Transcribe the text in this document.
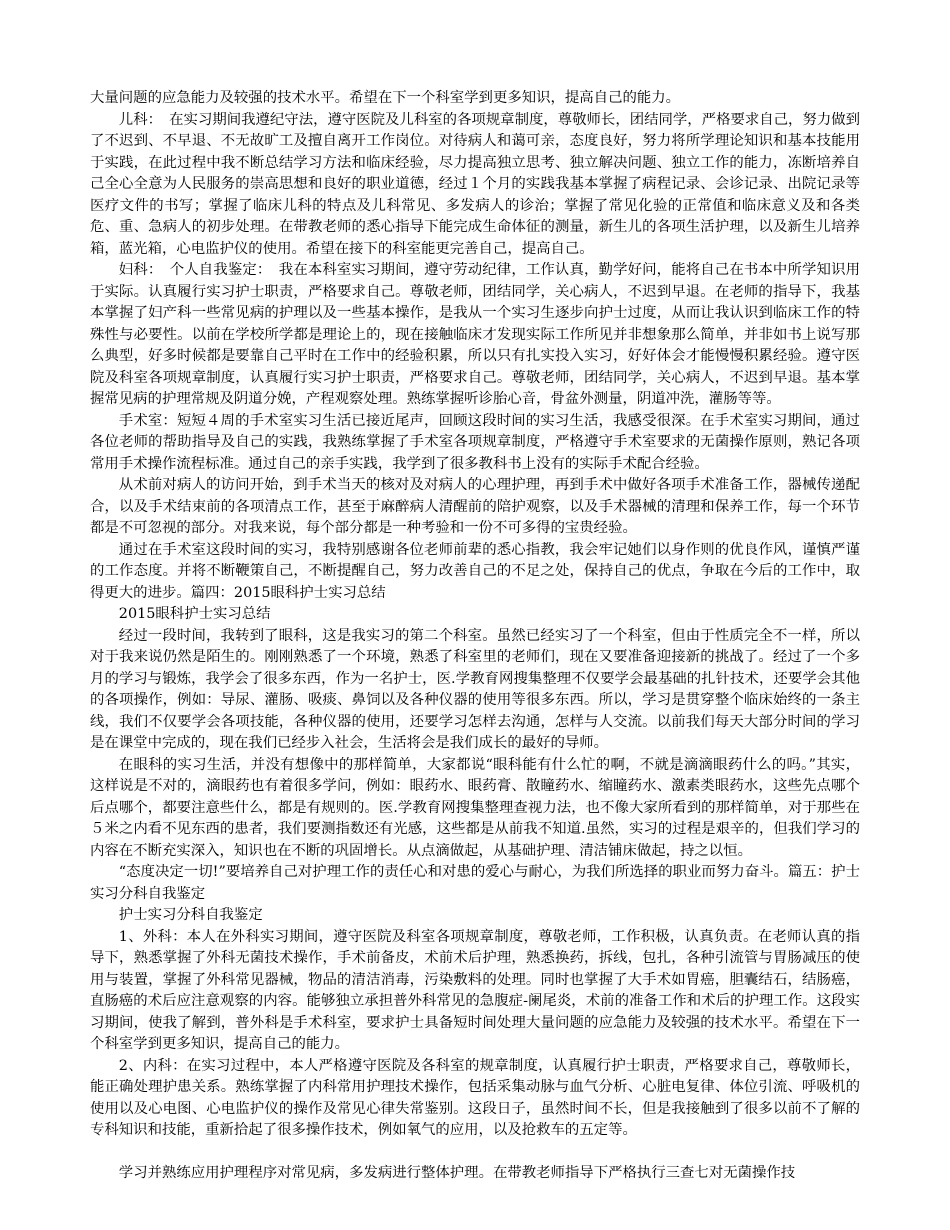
大量问题的应急能力及较强的技术水平。希望在下一个科室学到更多知识，提高自己的能力。

儿科：　在实习期间我遵纪守法，遵守医院及儿科室的各项规章制度，尊敬师长，团结同学，严格要求自己，努力做到了不迟到、不早退、不无故旷工及擅自离开工作岗位。对待病人和蔼可亲，态度良好，努力将所学理论知识和基本技能用于实践，在此过程中我不断总结学习方法和临床经验，尽力提高独立思考、独立解决问题、独立工作的能力，冻断培养自己全心全意为人民服务的崇高思想和良好的职业道德，经过１个月的实践我基本掌握了病程记录、会诊记录、出院记录等医疗文件的书写；掌握了临床儿科的特点及儿科常见、多发病人的诊治；掌握了常见化验的正常值和临床意义及和各类危、重、急病人的初步处理。在带教老师的悉心指导下能完成生命体征的测量，新生儿的各项生活护理，以及新生儿培养箱，蓝光箱，心电监护仪的使用。希望在接下的科室能更完善自己，提高自己。

妇科：　个人自我鉴定：　我在本科室实习期间，遵守劳动纪律，工作认真，勤学好问，能将自己在书本中所学知识用于实际。认真履行实习护士职责，严格要求自己。尊敬老师，团结同学，关心病人，不迟到早退。在老师的指导下，我基本掌握了妇产科一些常见病的护理以及一些基本操作，是我从一个实习生逐步向护士过度，从而让我认识到临床工作的特殊性与必要性。以前在学校所学都是理论上的，现在接触临床才发现实际工作所见并非想象那么简单，并非如书上说写那么典型，好多时候都是要靠自己平时在工作中的经验积累，所以只有扎实投入实习，好好体会才能慢慢积累经验。遵守医院及科室各项规章制度，认真履行实习护士职责，严格要求自己。尊敬老师，团结同学，关心病人，不迟到早退。基本掌握常见病的护理常规及阴道分娩，产程观察处理。熟练掌握听诊胎心音，骨盆外测量，阴道冲洗，灌肠等等。

手术室：短短４周的手术室实习生活已接近尾声，回顾这段时间的实习生活，我感受很深。在手术室实习期间，通过各位老师的帮助指导及自己的实践，我熟练掌握了手术室各项规章制度，严格遵守手术室要求的无菌操作原则，熟记各项常用手术操作流程标准。通过自己的亲手实践，我学到了很多教科书上没有的实际手术配合经验。

从术前对病人的访问开始，到手术当天的核对及对病人的心理护理，再到手术中做好各项手术准备工作，器械传递配合，以及手术结束前的各项清点工作，甚至于麻醉病人清醒前的陪护观察，以及手术器械的清理和保养工作，每一个环节都是不可忽视的部分。对我来说，每个部分都是一种考验和一份不可多得的宝贵经验。

通过在手术室这段时间的实习，我特别感谢各位老师前辈的悉心指教，我会牢记她们以身作则的优良作风，谨慎严谨的工作态度。并将不断鞭策自己，不断提醒自己，努力改善自己的不足之处，保持自己的优点，争取在今后的工作中，取得更大的进步。篇四：2015眼科护士实习总结

2015眼科护士实习总结

经过一段时间，我转到了眼科，这是我实习的第二个科室。虽然已经实习了一个科室，但由于性质完全不一样，所以对于我来说仍然是陌生的。刚刚熟悉了一个环境，熟悉了科室里的老师们，现在又要准备迎接新的挑战了。经过了一个多月的学习与锻炼，我学会了很多东西，作为一名护士，医.学教育网搜集整理不仅要学会最基础的扎针技术，还要学会其他的各项操作，例如：导尿、灌肠、吸痰、鼻饲以及各种仪器的使用等很多东西。所以，学习是贯穿整个临床始终的一条主线，我们不仅要学会各项技能，各种仪器的使用，还要学习怎样去沟通，怎样与人交流。以前我们每天大部分时间的学习是在课堂中完成的，现在我们已经步入社会，生活将会是我们成长的最好的导师。

在眼科的实习生活，并没有想像中的那样简单，大家都说“眼科能有什么忙的啊，不就是滴滴眼药什么的吗。”其实，这样说是不对的，滴眼药也有着很多学问，例如：眼药水、眼药膏、散瞳药水、缩瞳药水、激素类眼药水，这些先点哪个后点哪个，都要注意些什么，都是有规则的。医.学教育网搜集整理查视力法，也不像大家所看到的那样简单，对于那些在５米之内看不见东西的患者，我们要测指数还有光感，这些都是从前我不知道.虽然，实习的过程是艰辛的，但我们学习的内容在不断充实深入，知识也在不断的巩固增长。从点滴做起，从基础护理、清洁铺床做起，持之以恒。

“态度决定一切!”要培养自己对护理工作的责任心和对患的爱心与耐心，为我们所选择的职业而努力奋斗。篇五：护士实习分科自我鉴定

护士实习分科自我鉴定

1、外科：本人在外科实习期间，遵守医院及科室各项规章制度，尊敬老师，工作积极，认真负责。在老师认真的指导下，熟悉掌握了外科无菌技术操作，手术前备皮，术前术后护理，熟悉换药，拆线，包扎，各种引流管与胃肠减压的使用与装置，掌握了外科常见器械，物品的清洁消毒，污染敷料的处理。同时也掌握了大手术如胃癌，胆囊结石，结肠癌，直肠癌的术后应注意观察的内容。能够独立承担普外科常见的急腹症-阑尾炎，术前的准备工作和术后的护理工作。这段实习期间，使我了解到，普外科是手术科室，要求护士具备短时间处理大量问题的应急能力及较强的技术水平。希望在下一个科室学到更多知识，提高自己的能力。

2、内科：在实习过程中，本人严格遵守医院及各科室的规章制度，认真履行护士职责，严格要求自己，尊敬师长，能正确处理护患关系。熟练掌握了内科常用护理技术操作，包括采集动脉与血气分析、心脏电复律、体位引流、呼吸机的使用以及心电图、心电监护仪的操作及常见心律失常鉴别。这段日子，虽然时间不长，但是我接触到了很多以前不了解的专科知识和技能，重新拾起了很多操作技术，例如氧气的应用，以及抢救车的五定等。

学习并熟练应用护理程序对常见病，多发病进行整体护理。在带教老师指导下严格执行三查七对无菌操作技
